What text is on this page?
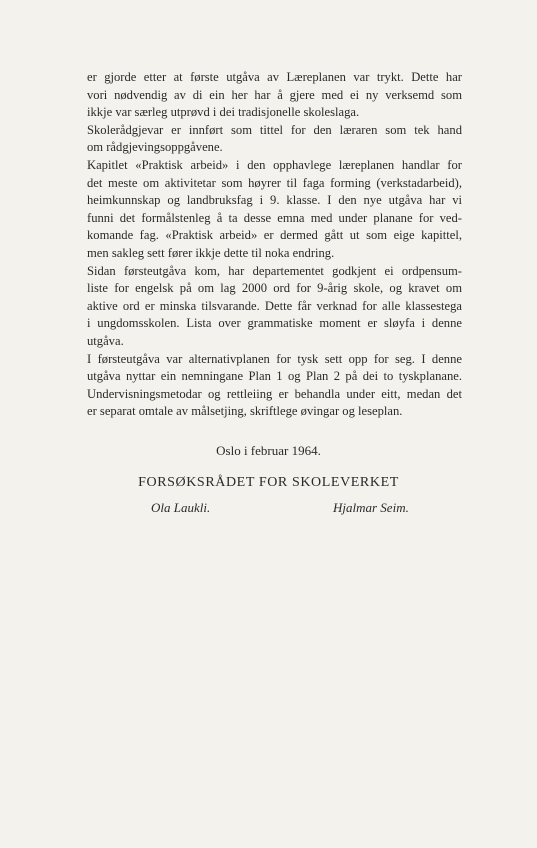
er gjorde etter at første utgåva av Læreplanen var trykt. Dette har
vori nødvendig av di ein her har å gjere med ei ny verksemd som
ikkje var særleg utprøvd i dei tradisjonelle skoleslaga.
Skolerådgjevar er innført som tittel for den læraren som tek hand
om rådgjevingsoppgåvene.
Kapitlet «Praktisk arbeid» i den opphavlege læreplanen handlar for
det meste om aktivitetar som høyrer til faga forming (verkstadarbeid),
heimkunnskap og landbruksfag i 9. klasse. I den nye utgåva har vi
funni det formålstenleg å ta desse emna med under planane for ved-
komande fag. «Praktisk arbeid» er dermed gått ut som eige kapittel,
men sakleg sett fører ikkje dette til noka endring.
Sidan førsteutgåva kom, har departementet godkjent ei ordpensum-
liste for engelsk på om lag 2000 ord for 9-årig skole, og kravet om
aktive ord er minska tilsvarande. Dette får verknad for alle klassestega
i ungdomsskolen. Lista over grammatiske moment er sløyfa i denne
utgåva.
I førsteutgåva var alternativplanen for tysk sett opp for seg. I denne
utgåva nyttar ein nemningane Plan 1 og Plan 2 på dei to tyskplanane.
Undervisningsmetodar og rettleiing er behandla under eitt, medan det
er separat omtale av målsetjing, skriftlege øvingar og leseplan.
Oslo i februar 1964.
FORSØKSRÅDET FOR SKOLEVERKET
Ola Laukli.	Hjalmar Seim.
